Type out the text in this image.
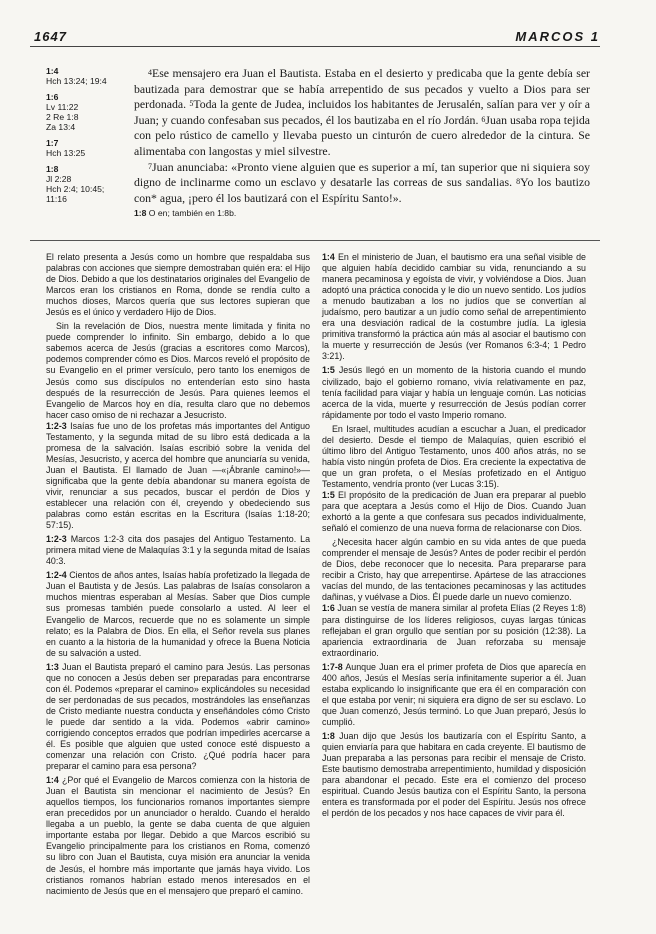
1647	MARCOS 1
1:4
Hch 13:24; 19:4
1:6
Lv 11:22
2 Re 1:8
Za 13:4
1:7
Hch 13:25
1:8
Jl 2:28
Hch 2:4; 10:45;
11:16

$^4$Ese mensajero era Juan el Bautista. Estaba en el desierto y predicaba que la gente debía ser bautizada para demostrar que se había arrepentido de sus pecados y vuelto a Dios para ser perdonada. $^5$Toda la gente de Judea, incluidos los habitantes de Jerusalén, salían para ver y oír a Juan; y cuando confesaban sus pecados, él los bautizaba en el río Jordán. $^6$Juan usaba ropa tejida con pelo rústico de camello y llevaba puesto un cinturón de cuero alrededor de la cintura. Se alimentaba con langostas y miel silvestre.

$^7$Juan anunciaba: «Pronto viene alguien que es superior a mí, tan superior que ni siquiera soy digno de inclinarme como un esclavo y desatarle las correas de sus sandalias. $^8$Yo los bautizo con* agua, ¡pero él los bautizará con el Espíritu Santo!».

1:8 O en; también en 1:8b.

El relato presenta a Jesús como un hombre que respaldaba sus palabras con acciones que siempre demostraban quién era: el Hijo de Dios. Debido a que los destinatarios originales del Evangelio de Marcos eran los cristianos en Roma, donde se rendía culto a muchos dioses, Marcos quería que sus lectores supieran que Jesús es el único y verdadero Hijo de Dios.

Sin la revelación de Dios, nuestra mente limitada y finita no puede comprender lo infinito. Sin embargo, debido a lo que sabemos acerca de Jesús (gracias a escritores como Marcos), podemos comprender cómo es Dios. Marcos reveló el propósito de su Evangelio en el primer versículo, pero tanto los enemigos de Jesús como sus discípulos no entenderían esto sino hasta después de la resurrección de Jesús. Para quienes leemos el Evangelio de Marcos hoy en día, resulta claro que no debemos hacer caso omiso de ni rechazar a Jesucristo.

1:2-3 Isaías fue uno de los profetas más importantes del Antiguo Testamento, y la segunda mitad de su libro está dedicada a la promesa de la salvación. Isaías escribió sobre la venida del Mesías, Jesucristo, y acerca del hombre que anunciaría su venida, Juan el Bautista. El llamado de Juan —«¡Ábranle camino!»— significaba que la gente debía abandonar su manera egoísta de vivir, renunciar a sus pecados, buscar el perdón de Dios y establecer una relación con él, creyendo y obedeciendo sus palabras como están escritas en la Escritura (Isaías 1:18-20; 57:15).

1:2-3 Marcos 1:2-3 cita dos pasajes del Antiguo Testamento. La primera mitad viene de Malaquías 3:1 y la segunda mitad de Isaías 40:3.

1:2-4 Cientos de años antes, Isaías había profetizado la llegada de Juan el Bautista y de Jesús. Las palabras de Isaías consolaron a muchos mientras esperaban al Mesías. Saber que Dios cumple sus promesas también puede consolarlo a usted. Al leer el Evangelio de Marcos, recuerde que no es solamente un simple relato; es la Palabra de Dios. En ella, el Señor revela sus planes en cuanto a la historia de la humanidad y ofrece la Buena Noticia de su salvación a usted.

1:3 Juan el Bautista preparó el camino para Jesús. Las personas que no conocen a Jesús deben ser preparadas para encontrarse con él. Podemos «preparar el camino» explicándoles su necesidad de ser perdonadas de sus pecados, mostrándoles las enseñanzas de Cristo mediante nuestra conducta y enseñándoles cómo Cristo le puede dar sentido a la vida. Podemos «abrir camino» corrigiendo conceptos errados que podrían impedirles acercarse a él. Es posible que alguien que usted conoce esté dispuesto a comenzar una relación con Cristo. ¿Qué podría hacer para preparar el camino para esa persona?

1:4 ¿Por qué el Evangelio de Marcos comienza con la historia de Juan el Bautista sin mencionar el nacimiento de Jesús? En aquellos tiempos, los funcionarios romanos importantes siempre eran precedidos por un anunciador o heraldo. Cuando el heraldo llegaba a un pueblo, la gente se daba cuenta de que alguien importante estaba por llegar. Debido a que Marcos escribió su Evangelio principalmente para los cristianos en Roma, comenzó su libro con Juan el Bautista, cuya misión era anunciar la venida de Jesús, el hombre más importante que jamás haya vivido. Los cristianos romanos habrían estado menos interesados en el nacimiento de Jesús que en el mensajero que preparó el camino.

1:4 En el ministerio de Juan, el bautismo era una señal visible de que alguien había decidido cambiar su vida, renunciando a su manera pecaminosa y egoísta de vivir, y volviéndose a Dios. Juan adoptó una práctica conocida y le dio un nuevo sentido. Los judíos a menudo bautizaban a los no judíos que se convertían al judaísmo, pero bautizar a un judío como señal de arrepentimiento era una desviación radical de la costumbre judía. La iglesia primitiva transformó la práctica aún más al asociar el bautismo con la muerte y resurrección de Jesús (ver Romanos 6:3-4; 1 Pedro 3:21).

1:5 Jesús llegó en un momento de la historia cuando el mundo civilizado, bajo el gobierno romano, vivía relativamente en paz, tenía facilidad para viajar y había un lenguaje común. Las noticias acerca de la vida, muerte y resurrección de Jesús podían correr rápidamente por todo el vasto Imperio romano.

En Israel, multitudes acudían a escuchar a Juan, el predicador del desierto. Desde el tiempo de Malaquías, quien escribió el último libro del Antiguo Testamento, unos 400 años atrás, no se había visto ningún profeta de Dios. Era creciente la expectativa de que un gran profeta, o el Mesías profetizado en el Antiguo Testamento, vendría pronto (ver Lucas 3:15).

1:5 El propósito de la predicación de Juan era preparar al pueblo para que aceptara a Jesús como el Hijo de Dios. Cuando Juan exhortó a la gente a que confesara sus pecados individualmente, señaló el comienzo de una nueva forma de relacionarse con Dios.

¿Necesita hacer algún cambio en su vida antes de que pueda comprender el mensaje de Jesús? Antes de poder recibir el perdón de Dios, debe reconocer que lo necesita. Para prepararse para recibir a Cristo, hay que arrepentirse. Apártese de las atracciones vacías del mundo, de las tentaciones pecaminosas y las actitudes dañinas, y vuélvase a Dios. Él puede darle un nuevo comienzo.

1:6 Juan se vestía de manera similar al profeta Elías (2 Reyes 1:8) para distinguirse de los líderes religiosos, cuyas largas túnicas reflejaban el gran orgullo que sentían por su posición (12:38). La apariencia extraordinaria de Juan reforzaba su mensaje extraordinario.

1:7-8 Aunque Juan era el primer profeta de Dios que aparecía en 400 años, Jesús el Mesías sería infinitamente superior a él. Juan estaba explicando lo insignificante que era él en comparación con el que estaba por venir; ni siquiera era digno de ser su esclavo. Lo que Juan comenzó, Jesús terminó. Lo que Juan preparó, Jesús lo cumplió.

1:8 Juan dijo que Jesús los bautizaría con el Espíritu Santo, a quien enviaría para que habitara en cada creyente. El bautismo de Juan preparaba a las personas para recibir el mensaje de Cristo. Este bautismo demostraba arrepentimiento, humildad y disposición para abandonar el pecado. Este era el comienzo del proceso espiritual. Cuando Jesús bautiza con el Espíritu Santo, la persona entera es transformada por el poder del Espíritu. Jesús nos ofrece el perdón de los pecados y nos hace capaces de vivir para él.
